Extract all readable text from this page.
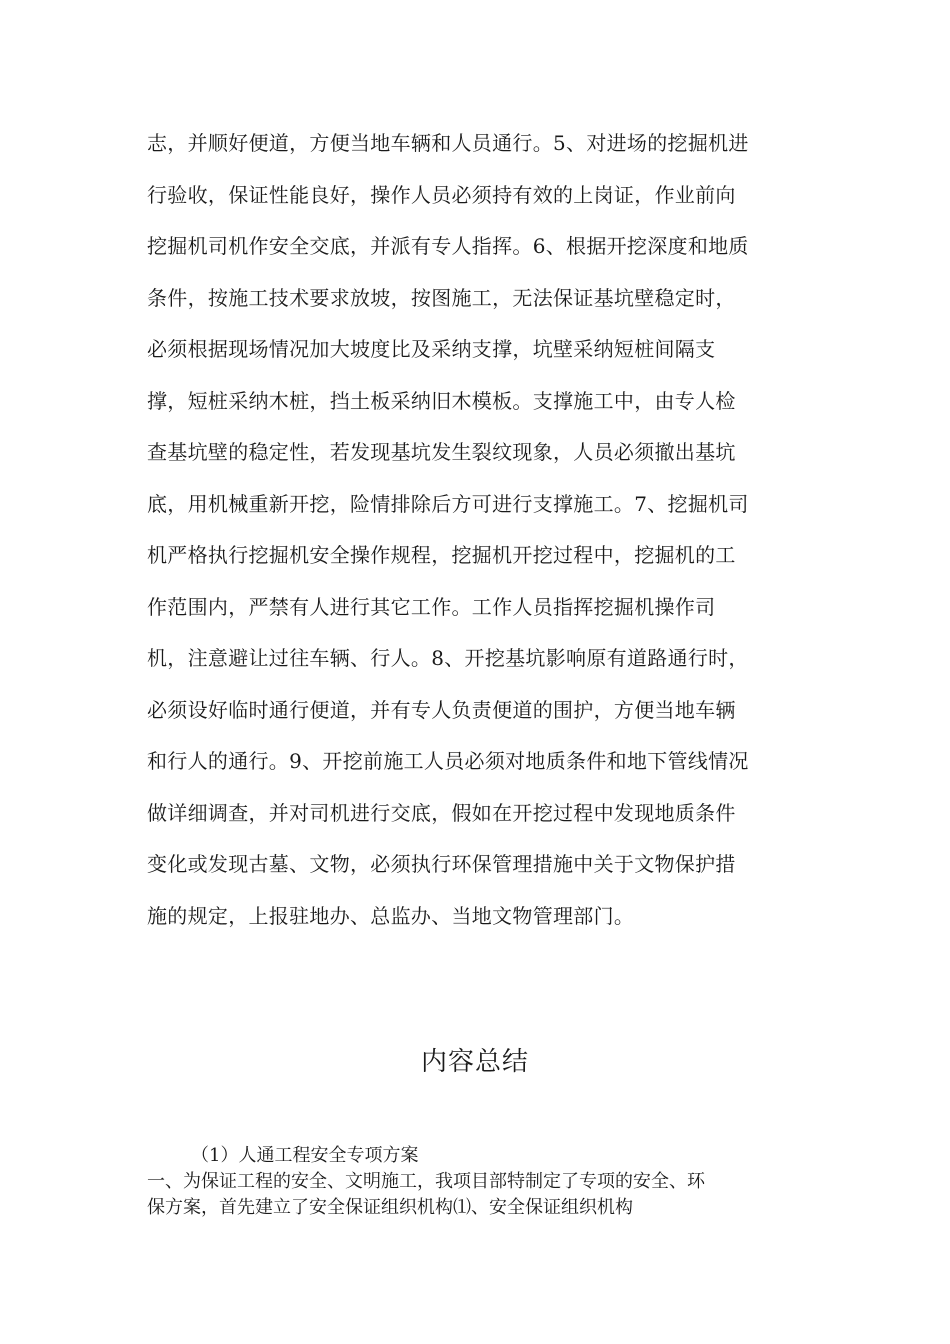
志，并顺好便道，方便当地车辆和人员通行。5、对进场的挖掘机进
行验收，保证性能良好，操作人员必须持有效的上岗证，作业前向
挖掘机司机作安全交底，并派有专人指挥。6、根据开挖深度和地质
条件，按施工技术要求放坡，按图施工，无法保证基坑壁稳定时，
必须根据现场情况加大坡度比及采纳支撑，坑壁采纳短桩间隔支
撑，短桩采纳木桩，挡土板采纳旧木模板。支撑施工中，由专人检
查基坑壁的稳定性，若发现基坑发生裂纹现象，人员必须撤出基坑
底，用机械重新开挖，险情排除后方可进行支撑施工。7、挖掘机司
机严格执行挖掘机安全操作规程，挖掘机开挖过程中，挖掘机的工
作范围内，严禁有人进行其它工作。工作人员指挥挖掘机操作司
机，注意避让过往车辆、行人。8、开挖基坑影响原有道路通行时，
必须设好临时通行便道，并有专人负责便道的围护，方便当地车辆
和行人的通行。9、开挖前施工人员必须对地质条件和地下管线情况
做详细调查，并对司机进行交底，假如在开挖过程中发现地质条件
变化或发现古墓、文物，必须执行环保管理措施中关于文物保护措
施的规定，上报驻地办、总监办、当地文物管理部门。
内容总结
（1）人通工程安全专项方案
一、为保证工程的安全、文明施工，我项目部特制定了专项的安全、环
保方案，首先建立了安全保证组织机构⑴、安全保证组织机构
